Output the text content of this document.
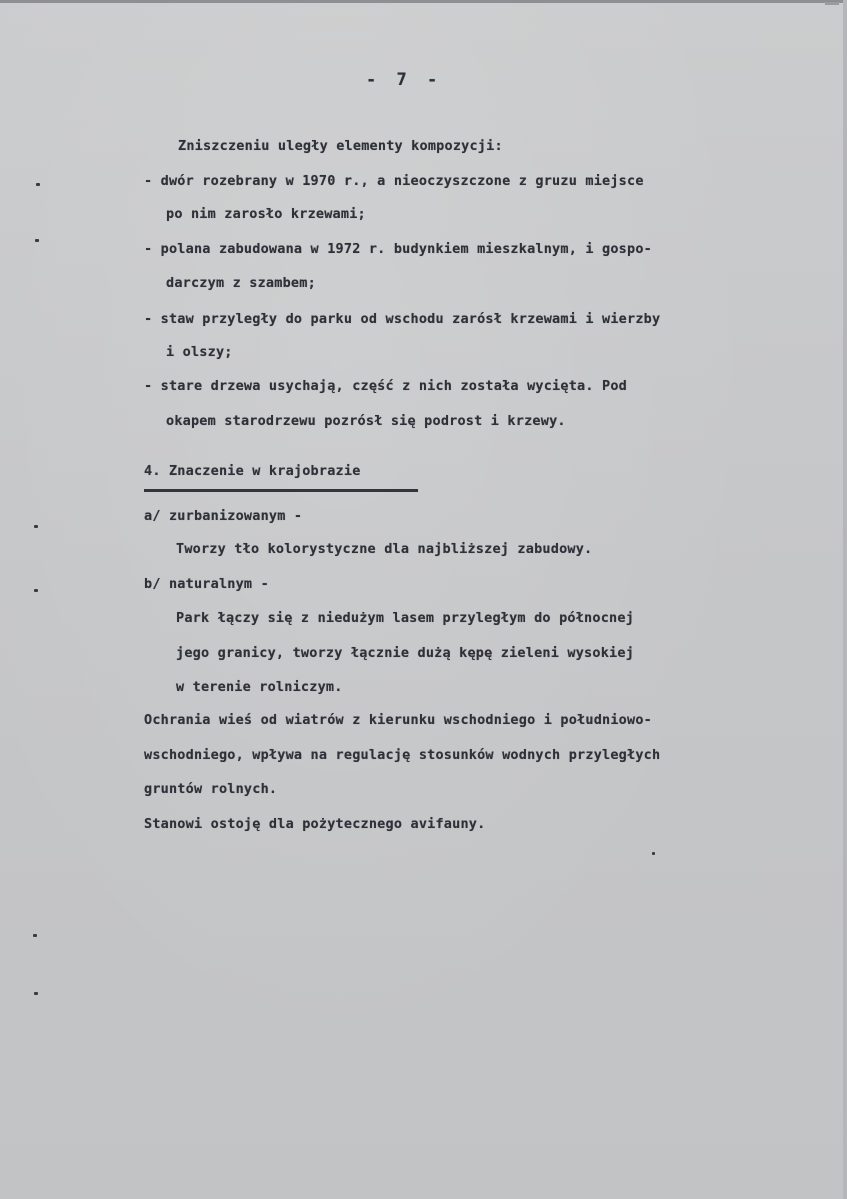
- 7 -
Zniszczeniu uległy elementy kompozycji:
- dwór rozebrany w 1970 r., a nieoczyszczone z gruzu miejsce
po nim zarosło krzewami;
- polana zabudowana w 1972 r. budynkiem mieszkalnym, i gospo-
darczym z szambem;
- staw przyległy do parku od wschodu zarósł krzewami i wierzby
i olszy;
- stare drzewa usychają, część z nich została wycięta. Pod
okapem starodrzewu pozrósł się podrost i krzewy.
4. Znaczenie w krajobrazie
a/ zurbanizowanym -
Tworzy tło kolorystyczne dla najbliższej zabudowy.
b/ naturalnym -
Park łączy się z niedużym lasem przyległym do północnej
jego granicy, tworzy łącznie dużą kępę zieleni wysokiej
w terenie rolniczym.
Ochrania wieś od wiatrów z kierunku wschodniego i południowo-
wschodniego, wpływa na regulację stosunków wodnych przyległych
gruntów rolnych.
Stanowi ostoję dla pożytecznego avifauny.
